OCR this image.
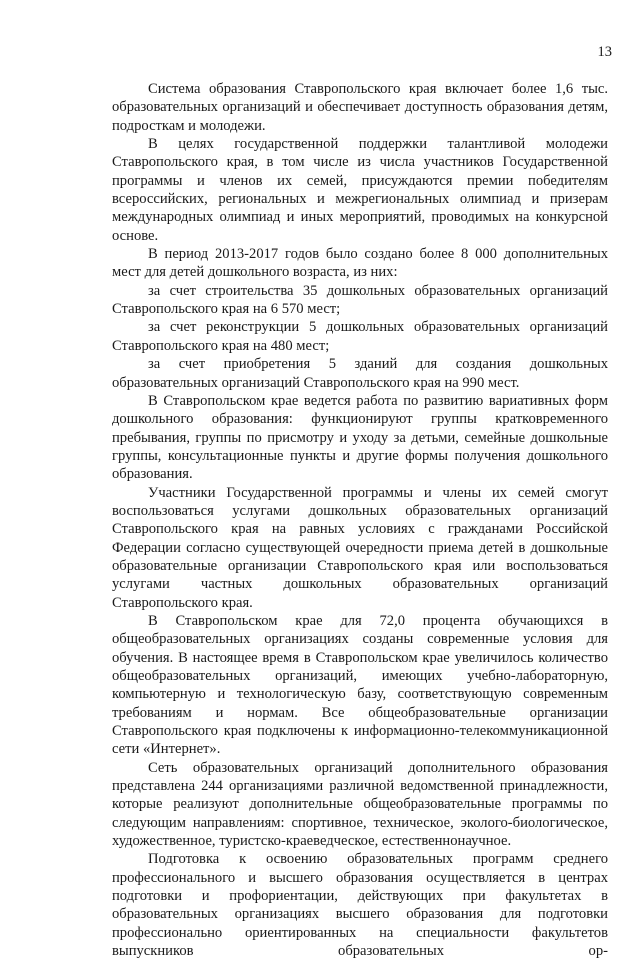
13

Система образования Ставропольского края включает более 1,6 тыс. образовательных организаций и обеспечивает доступность образования детям, подросткам и молодежи.

В целях государственной поддержки талантливой молодежи Ставропольского края, в том числе из числа участников Государственной программы и членов их семей, присуждаются премии победителям всероссийских, региональных и межрегиональных олимпиад и призерам международных олимпиад и иных мероприятий, проводимых на конкурсной основе.

В период 2013-2017 годов было создано более 8 000 дополнительных мест для детей дошкольного возраста, из них:

за счет строительства 35 дошкольных образовательных организаций Ставропольского края на 6 570 мест;

за счет реконструкции 5 дошкольных образовательных организаций Ставропольского края на 480 мест;

за счет приобретения 5 зданий для создания дошкольных образовательных организаций Ставропольского края на 990 мест.

В Ставропольском крае ведется работа по развитию вариативных форм дошкольного образования: функционируют группы кратковременного пребывания, группы по присмотру и уходу за детьми, семейные дошкольные группы, консультационные пункты и другие формы получения дошкольного образования.

Участники Государственной программы и члены их семей смогут воспользоваться услугами дошкольных образовательных организаций Ставропольского края на равных условиях с гражданами Российской Федерации согласно существующей очередности приема детей в дошкольные образовательные организации Ставропольского края или воспользоваться услугами частных дошкольных образовательных организаций Ставропольского края.

В Ставропольском крае для 72,0 процента обучающихся в общеобразовательных организациях созданы современные условия для обучения. В настоящее время в Ставропольском крае увеличилось количество общеобразовательных организаций, имеющих учебно-лабораторную, компьютерную и технологическую базу, соответствующую современным требованиям и нормам. Все общеобразовательные организации Ставропольского края подключены к информационно-телекоммуникационной сети «Интернет».

Сеть образовательных организаций дополнительного образования представлена 244 организациями различной ведомственной принадлежности, которые реализуют дополнительные общеобразовательные программы по следующим направлениям: спортивное, техническое, эколого-биологическое, художественное, туристско-краеведческое, естественнонаучное.

Подготовка к освоению образовательных программ среднего профессионального и высшего образования осуществляется в центрах подготовки и профориентации, действующих при факультетах в образовательных организациях высшего образования для подготовки профессионально ориентированных на специальности факультетов выпускников образовательных ор-
